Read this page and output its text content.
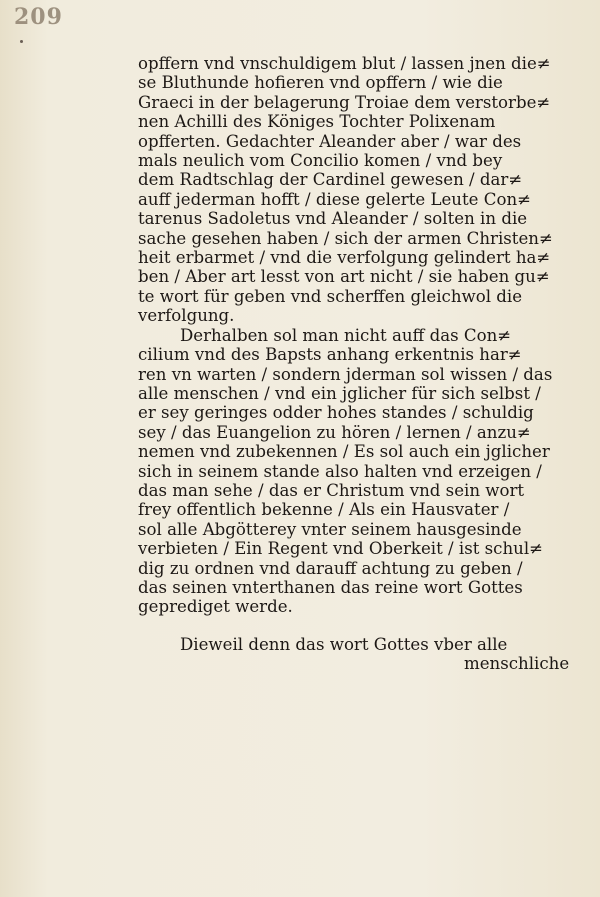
209
opffern vnd vnschuldigem blut / lassen jnen die≠
se Bluthunde hofieren vnd opffern / wie die
Graeci in der belagerung Troiae dem verstorbe≠
nen Achilli des Königes Tochter Polixenam
opfferten. Gedachter Aleander aber / war des
mals neulich vom Concilio komen / vnd bey
dem Radtschlag der Cardinel gewesen / dar≠
auff jederman hofft / diese gelerte Leute Con≠
tarenus Sadoletus vnd Aleander / solten in die
sache gesehen haben / sich der armen Christen≠
heit erbarmet / vnd die verfolgung gelindert ha≠
ben / Aber art lesst von art nicht / sie haben gu≠
te wort für geben vnd scherffen gleichwol die
verfolgung.
Derhalben sol man nicht auff das Con≠
cilium vnd des Bapsts anhang erkentnis har≠
ren vn warten / sondern jderman sol wissen / das
alle menschen / vnd ein jglicher für sich selbst /
er sey geringes odder hohes standes / schuldig
sey / das Euangelion zu hören / lernen / anzu≠
nemen vnd zubekennen / Es sol auch ein jglicher
sich in seinem stande also halten vnd erzeigen /
das man sehe / das er Christum vnd sein wort
frey offentlich bekenne / Als ein Hausvater /
sol alle Abgötterey vnter seinem hausgesinde
verbieten / Ein Regent vnd Oberkeit / ist schul≠
dig zu ordnen vnd darauff achtung zu geben /
das seinen vnterthanen das reine wort Gottes
geprediget werde.
Dieweil denn das wort Gottes vber alle
menschliche
